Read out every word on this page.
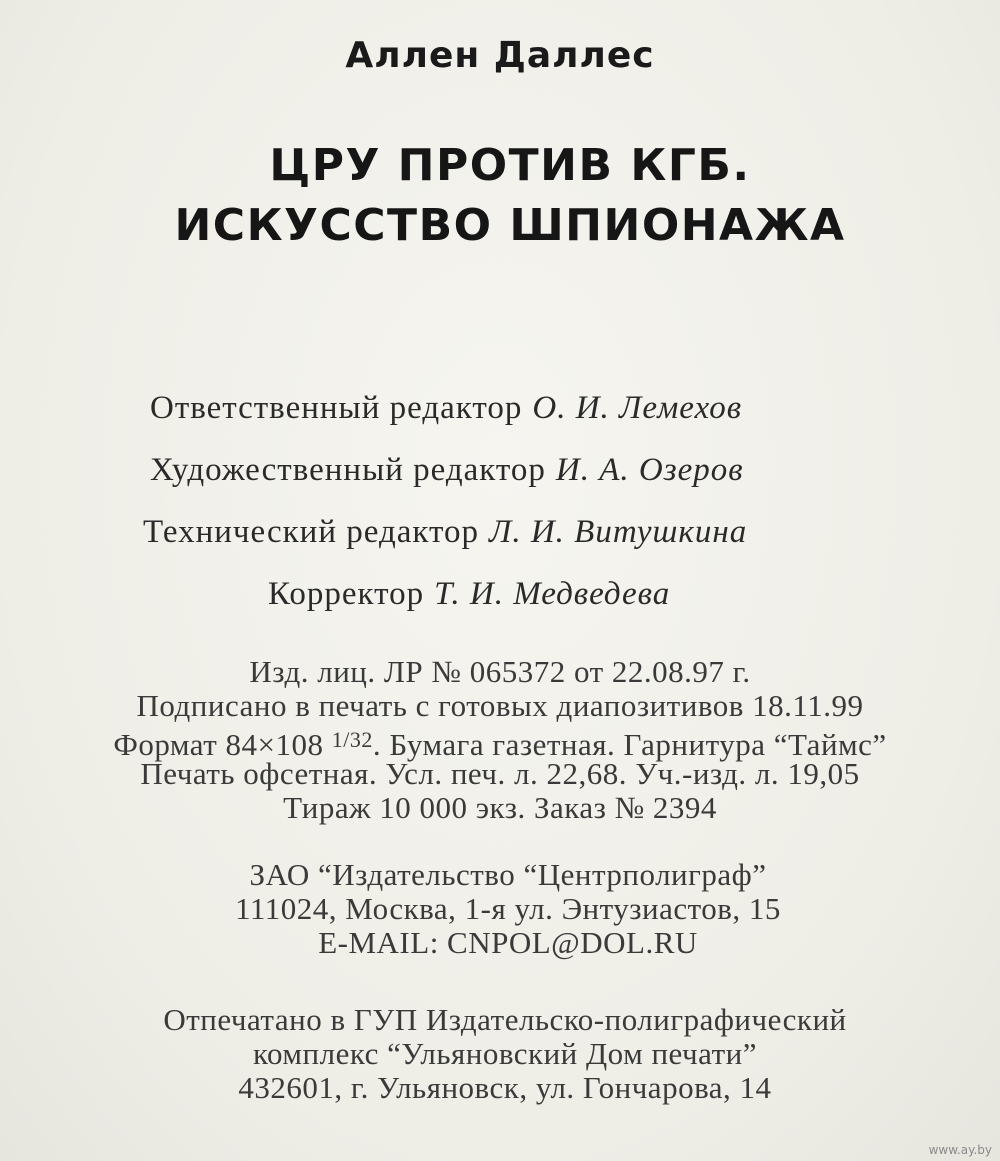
Аллен Даллес
ЦРУ ПРОТИВ КГБ.
ИСКУССТВО ШПИОНАЖА
Ответственный редактор О. И. Лемехов
Художественный редактор И. А. Озеров
Технический редактор Л. И. Витушкина
Корректор Т. И. Медведева
Изд. лиц. ЛР № 065372 от 22.08.97 г.
Подписано в печать с готовых диапозитивов 18.11.99
Формат 84×108 $^{1/32}$. Бумага газетная. Гарнитура “Таймс”
Печать офсетная. Усл. печ. л. 22,68. Уч.-изд. л. 19,05
Тираж 10 000 экз. Заказ № 2394
ЗАО “Издательство “Центрполиграф”
111024, Москва, 1-я ул. Энтузиастов, 15
E-MAIL: CNPOL@DOL.RU
Отпечатано в ГУП Издательско-полиграфический
комплекс “Ульяновский Дом печати”
432601, г. Ульяновск, ул. Гончарова, 14
www.ay.by
